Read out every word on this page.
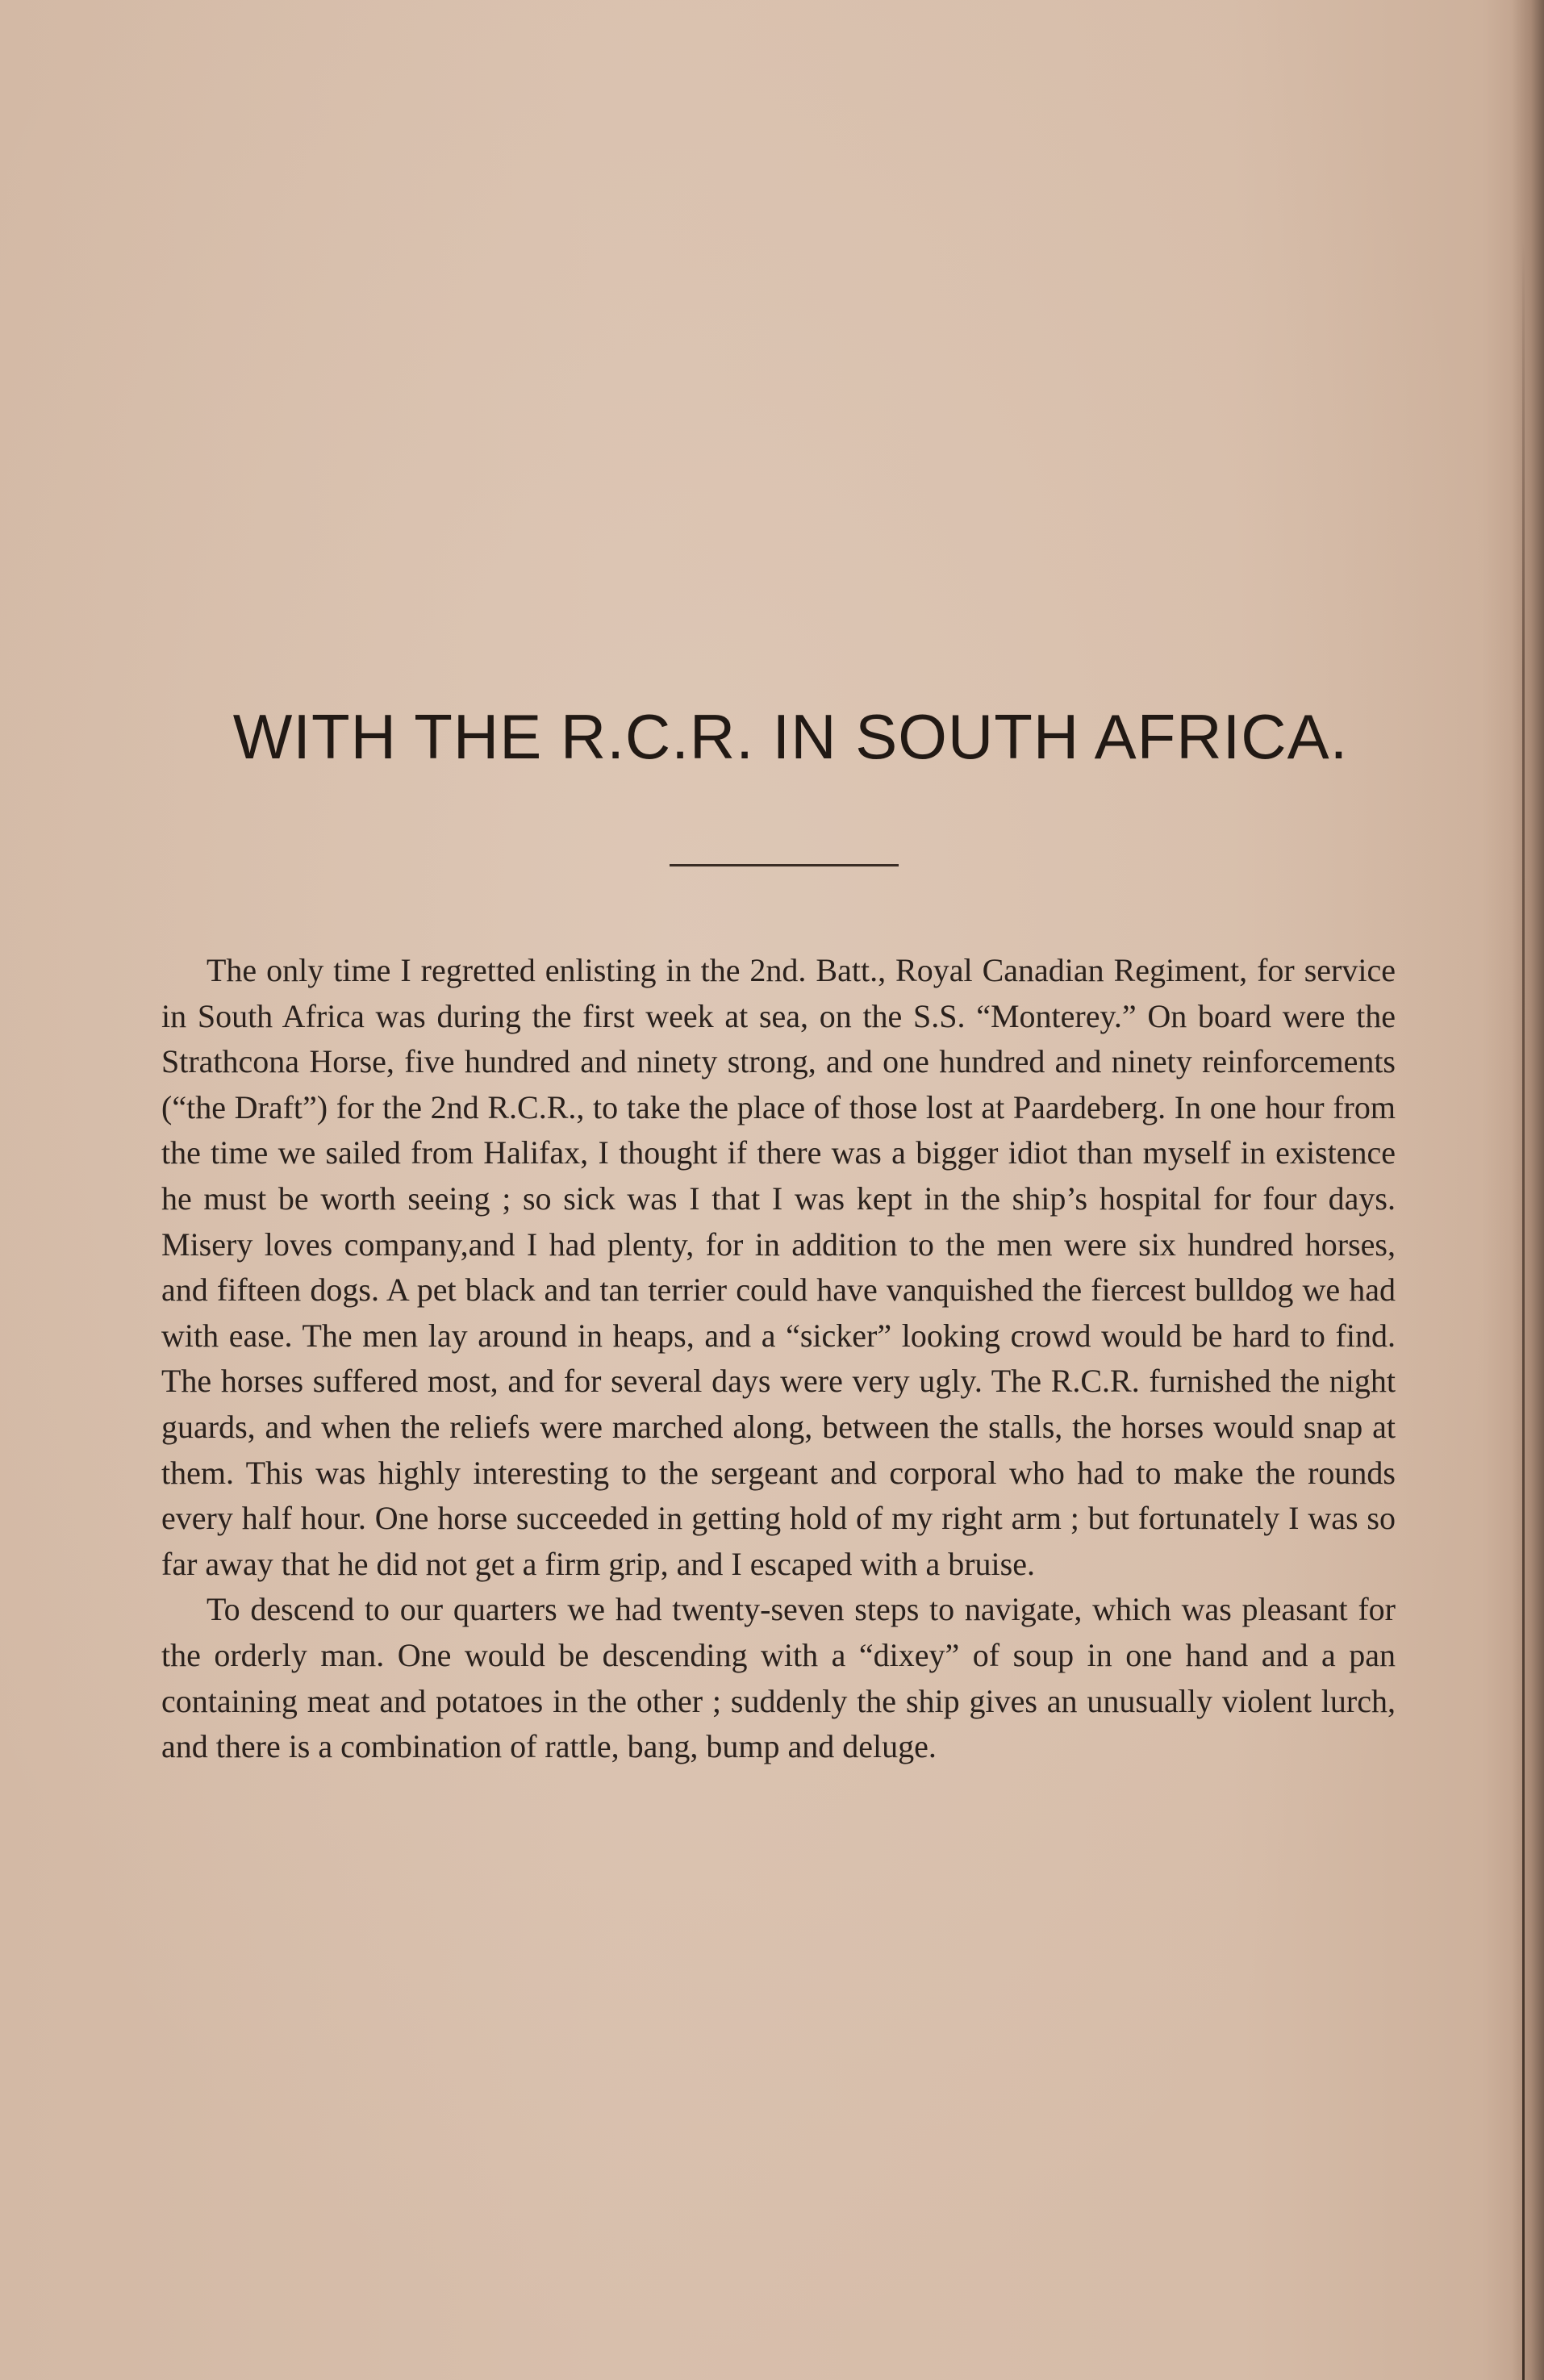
WITH THE R.C.R. IN SOUTH AFRICA.

The only time I regretted enlisting in the 2nd. Batt., Royal Canadian Regiment, for service in South Africa was during the first week at sea, on the S.S. “Monterey.” On board were the Strathcona Horse, five hundred and ninety strong, and one hundred and ninety reinforcements (“the Draft”) for the 2nd R.C.R., to take the place of those lost at Paardeberg. In one hour from the time we sailed from Halifax, I thought if there was a bigger idiot than myself in existence he must be worth seeing ; so sick was I that I was kept in the ship’s hospital for four days. Misery loves company,and I had plenty, for in addition to the men were six hundred horses, and fifteen dogs. A pet black and tan terrier could have vanquished the fiercest bulldog we had with ease. The men lay around in heaps, and a “sicker” looking crowd would be hard to find. The horses suffered most, and for several days were very ugly. The R.C.R. furnished the night guards, and when the reliefs were marched along, between the stalls, the horses would snap at them. This was highly interesting to the sergeant and corporal who had to make the rounds every half hour. One horse succeeded in getting hold of my right arm ; but fortunately I was so far away that he did not get a firm grip, and I escaped with a bruise.

To descend to our quarters we had twenty-seven steps to navigate, which was pleasant for the orderly man. One would be descending with a “dixey” of soup in one hand and a pan containing meat and potatoes in the other ; suddenly the ship gives an unusually violent lurch, and there is a combination of rattle, bang, bump and deluge.
